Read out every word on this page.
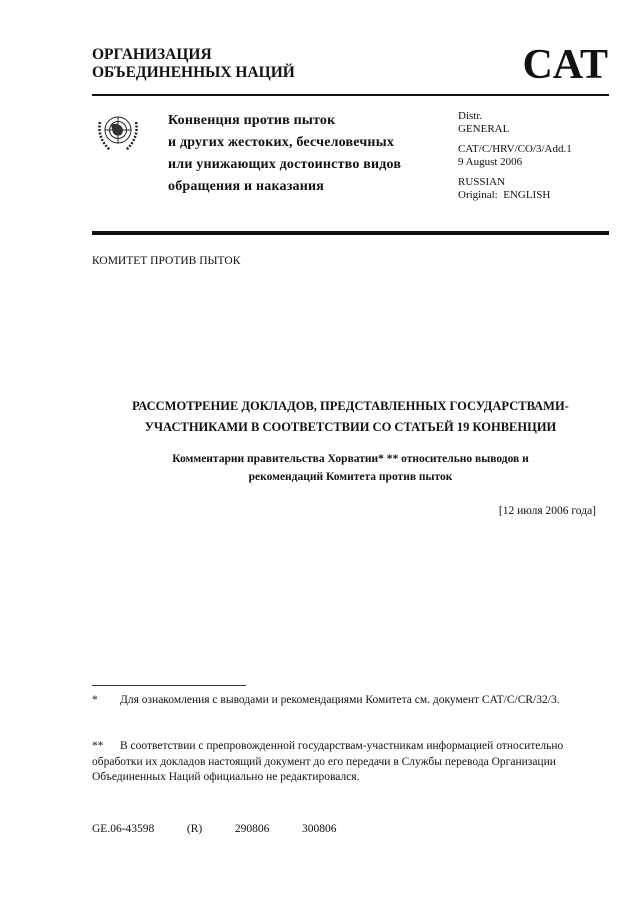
ОРГАНИЗАЦИЯ
ОБЪЕДИНЕННЫХ НАЦИЙ	CAT
Конвенция против пыток
и других жестоких, бесчеловечных
или унижающих достоинство видов
обращения и наказания

Distr.
GENERAL

CAT/C/HRV/CO/3/Add.1
9 August 2006

RUSSIAN
Original:  ENGLISH

КОМИТЕТ ПРОТИВ ПЫТОК
РАССМОТРЕНИЕ ДОКЛАДОВ, ПРЕДСТАВЛЕННЫХ ГОСУДАРСТВАМИ-
УЧАСТНИКАМИ В СООТВЕТСТВИИ СО СТАТЬЕЙ 19 КОНВЕНЦИИ
Комментарии правительства Хорватии* ** относительно выводов и
рекомендаций Комитета против пыток
[12 июля 2006 года]
* Для ознакомления с выводами и рекомендациями Комитета см. документ CAT/C/CR/32/3.
** В соответствии с препровожденной государствам-участникам информацией относительно обработки их докладов настоящий документ до его передачи в Службы перевода Организации Объединенных Наций официально не редактировался.
GE.06-43598   (R)   290806   300806
